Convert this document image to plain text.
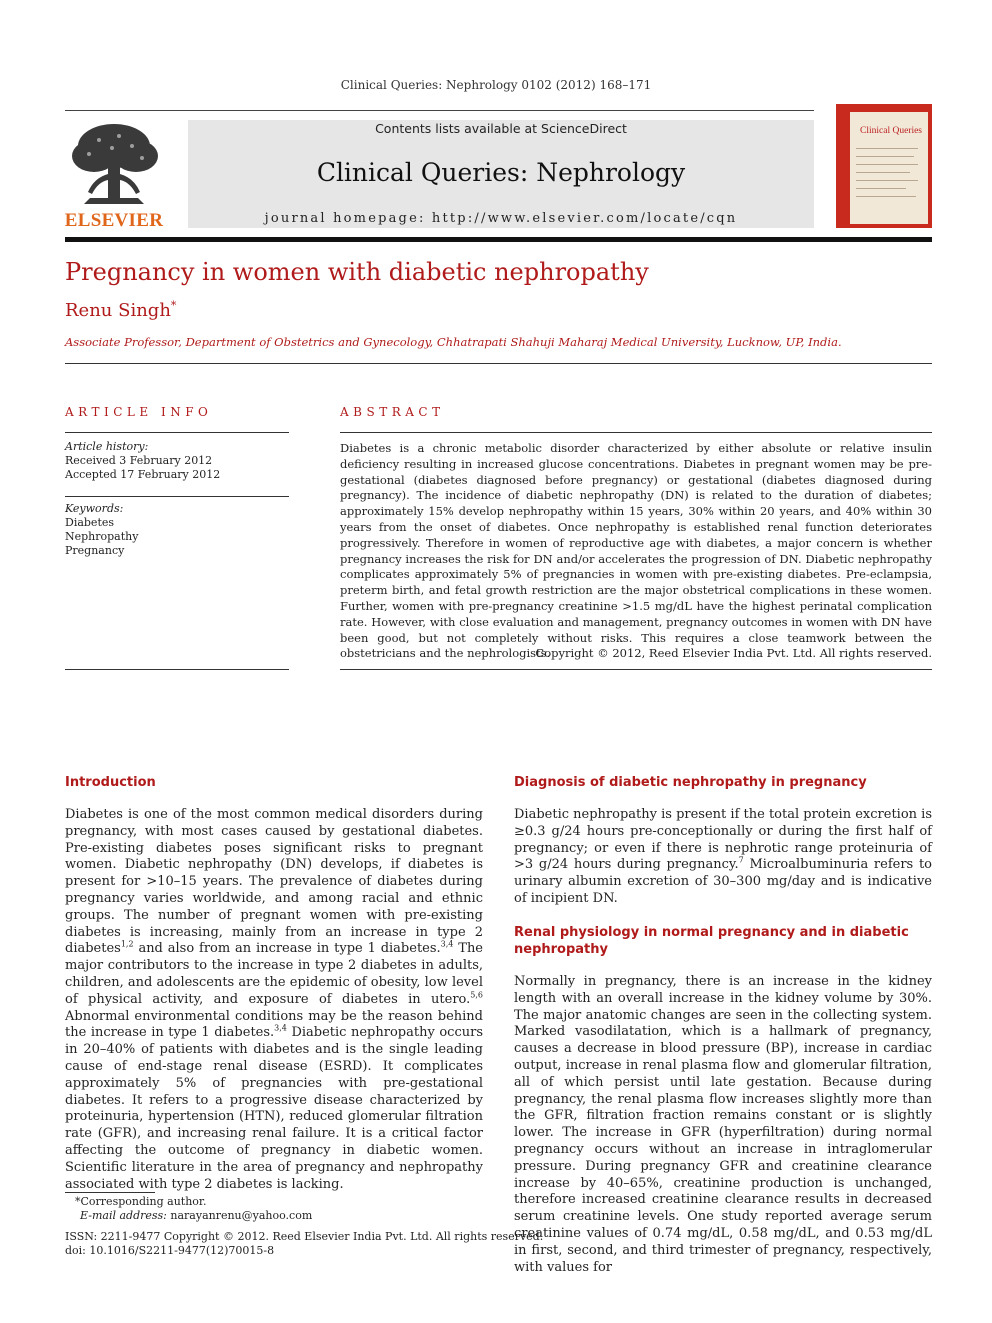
Clinical Queries: Nephrology 0102 (2012) 168–171
ELSEVIER
Contents lists available at ScienceDirect
Clinical Queries: Nephrology
journal homepage: http://www.elsevier.com/locate/cqn
Clinical Queries
Pregnancy in women with diabetic nephropathy
Renu Singh*
Associate Professor, Department of Obstetrics and Gynecology, Chhatrapati Shahuji Maharaj Medical University, Lucknow, UP, India.
ARTICLE INFO	ABSTRACT
Article history:
Received 3 February 2012
Accepted 17 February 2012
Keywords:
Diabetes
Nephropathy
Pregnancy
Diabetes is a chronic metabolic disorder characterized by either absolute or relative insulin deficiency resulting in increased glucose concentrations. Diabetes in pregnant women may be pre-gestational (diabetes diagnosed before pregnancy) or gestational (diabetes diagnosed during pregnancy). The incidence of diabetic nephropathy (DN) is related to the duration of diabetes; approximately 15% develop nephropathy within 15 years, 30% within 20 years, and 40% within 30 years from the onset of diabetes. Once nephropathy is established renal function deteriorates progressively. Therefore in women of reproductive age with diabetes, a major concern is whether pregnancy increases the risk for DN and/or accelerates the progression of DN. Diabetic nephropathy complicates approximately 5% of pregnancies in women with pre-existing diabetes. Pre-eclampsia, preterm birth, and fetal growth restriction are the major obstetrical complications in these women. Further, women with pre-pregnancy creatinine >1.5 mg/dL have the highest perinatal complication rate. However, with close evaluation and management, pregnancy outcomes in women with DN have been good, but not completely without risks. This requires a close teamwork between the obstetricians and the nephrologists.
Copyright © 2012, Reed Elsevier India Pvt. Ltd. All rights reserved.
Introduction
Diabetes is one of the most common medical disorders during pregnancy, with most cases caused by gestational diabetes. Pre-existing diabetes poses significant risks to pregnant women. Diabetic nephropathy (DN) develops, if diabetes is present for >10–15 years. The prevalence of diabetes during pregnancy varies worldwide, and among racial and ethnic groups. The number of pregnant women with pre-existing diabetes is increasing, mainly from an increase in type 2 diabetes$^{1,2}$ and also from an increase in type 1 diabetes.$^{3,4}$ The major contributors to the increase in type 2 diabetes in adults, children, and adolescents are the epidemic of obesity, low level of physical activity, and exposure of diabetes in utero.$^{5,6}$ Abnormal environmental conditions may be the reason behind the increase in type 1 diabetes.$^{3,4}$ Diabetic nephropathy occurs in 20–40% of patients with diabetes and is the single leading cause of end-stage renal disease (ESRD). It complicates approximately 5% of pregnancies with pre-gestational diabetes. It refers to a progressive disease characterized by proteinuria, hypertension (HTN), reduced glomerular filtration rate (GFR), and increasing renal failure. It is a critical factor affecting the outcome of pregnancy in diabetic women. Scientific literature in the area of pregnancy and nephropathy associated with type 2 diabetes is lacking.
Diagnosis of diabetic nephropathy in pregnancy
Diabetic nephropathy is present if the total protein excretion is ≥0.3 g/24 hours pre-conceptionally or during the first half of pregnancy; or even if there is nephrotic range proteinuria of >3 g/24 hours during pregnancy.$^7$ Microalbuminuria refers to urinary albumin excretion of 30–300 mg/day and is indicative of incipient DN.
Renal physiology in normal pregnancy and in diabetic nephropathy
Normally in pregnancy, there is an increase in the kidney length with an overall increase in the kidney volume by 30%. The major anatomic changes are seen in the collecting system. Marked vasodilatation, which is a hallmark of pregnancy, causes a decrease in blood pressure (BP), increase in cardiac output, increase in renal plasma flow and glomerular filtration, all of which persist until late gestation. Because during pregnancy, the renal plasma flow increases slightly more than the GFR, filtration fraction remains constant or is slightly lower. The increase in GFR (hyperfiltration) during normal pregnancy occurs without an increase in intraglomerular pressure. During pregnancy GFR and creatinine clearance increase by 40–65%, creatinine production is unchanged, therefore increased creatinine clearance results in decreased serum creatinine levels. One study reported average serum creatinine values of 0.74 mg/dL, 0.58 mg/dL, and 0.53 mg/dL in first, second, and third trimester of pregnancy, respectively, with values for
*Corresponding author.
E-mail address: narayanrenu@yahoo.com
ISSN: 2211-9477 Copyright © 2012. Reed Elsevier India Pvt. Ltd. All rights reserved.
doi: 10.1016/S2211-9477(12)70015-8
